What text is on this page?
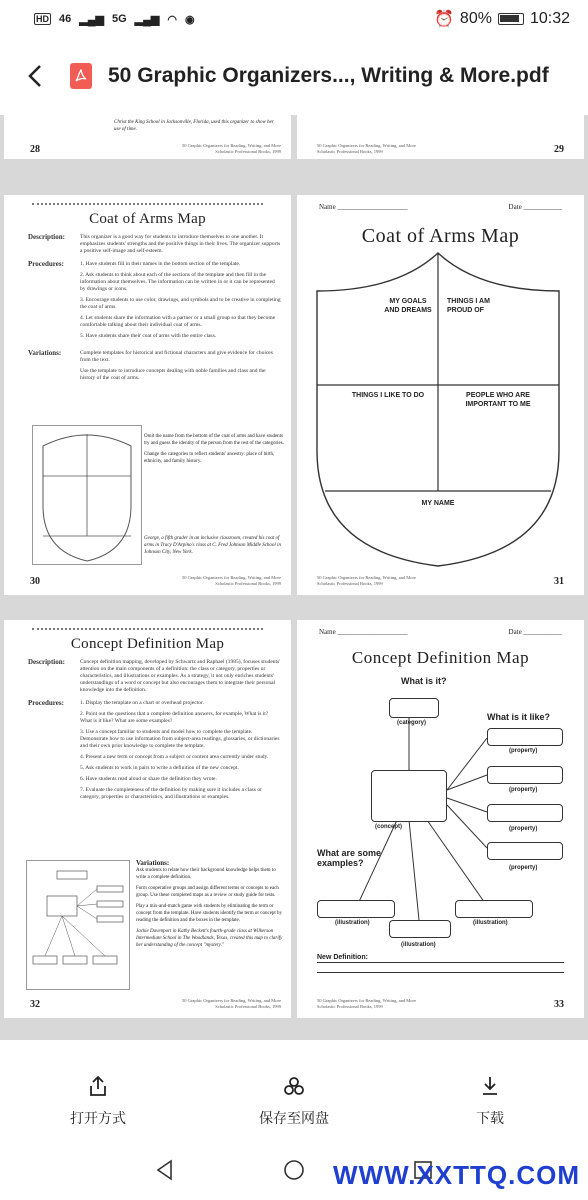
HD 46 ▂▄▆ 5G ▂▄▆ ◠ ◉	⏰ 80% 10:32
50 Graphic Organizers..., Writing & More.pdf
Christ the King School in Jacksonville, Florida, used this organizer to show her use of time.
28	50 Graphic Organizers for Reading, Writing, and More
Scholastic Professional Books, 1999
50 Graphic Organizers for Reading, Writing, and More
Scholastic Professional Books, 1999	29
Coat of Arms Map
Description:	This organizer is a good way for students to introduce themselves to one another. It emphasizes students' strengths and the positive things in their lives. The organizer supports a positive self-image and self-esteem.
Procedures:	1. Have students fill in their names in the bottom section of the template.
2. Ask students to think about each of the sections of the template and then fill in the information about themselves. The information can be written in or it can be represented by drawings or icons.
3. Encourage students to use color, drawings, and symbols and to be creative in completing the coat of arms.
4. Let students share the information with a partner or a small group so that they become comfortable talking about their individual coat of arms.
5. Have students share their coat of arms with the entire class.
Variations:	Complete templates for historical and fictional characters and give evidence for choices from the text.
Use the template to introduce concepts dealing with noble families and class and the history of the coat of arms.
Omit the name from the bottom of the coat of arms and have students try and guess the identity of the person from the rest of the categories.
Change the categories to reflect students' ancestry: place of birth, ethnicity, and family history.
George, a fifth grader in an inclusive classroom, created his coat of arms in Tracy D'Arpino's class at C. Fred Johnson Middle School in Johnson City, New York.
30	50 Graphic Organizers for Reading, Writing, and More
Scholastic Professional Books, 1999
Name ____________________	Date ___________
Coat of Arms Map
MY GOALS AND DREAMS
THINGS I AM PROUD OF
THINGS I LIKE TO DO	PEOPLE WHO ARE IMPORTANT TO ME
MY NAME
50 Graphic Organizers for Reading, Writing, and More
Scholastic Professional Books, 1999	31
Concept Definition Map
Description:	Concept definition mapping, developed by Schwartz and Raphael (1985), focuses students' attention on the main components of a definition: the class or category, properties or characteristics, and illustrations or examples. As a strategy, it not only enriches students' understandings of a word or concept but also encourages them to integrate their personal knowledge into the definition.
Procedures:	1. Display the template on a chart or overhead projector.
2. Point out the questions that a complete definition answers, for example, What is it? What is it like? What are some examples?
3. Use a concept familiar to students and model how to complete the template. Demonstrate how to use information from subject-area readings, glossaries, or dictionaries and their own prior knowledge to complete the template.
4. Present a new term or concept from a subject or content area currently under study.
5. Ask students to work in pairs to write a definition of the new concept.
6. Have students read aloud or share the definition they wrote.
7. Evaluate the completeness of the definition by making sure it includes a class or category, properties or characteristics, and illustrations or examples.
Variations:
Ask students to relate how their background knowledge helps them to write a complete definition.
Form cooperative groups and assign different terms or concepts to each group. Use these completed maps as a review or study guide for tests.
Play a mix-and-match game with students by eliminating the term or concept from the template. Have students identify the term or concept by reading the definition and the boxes in the template.
Jackie Davenport in Kathy Beckett's fourth-grade class at Wilkerson Intermediate School in The Woodlands, Texas, created this map to clarify her understanding of the concept "mystery."
32	50 Graphic Organizers for Reading, Writing, and More
Scholastic Professional Books, 1999
Name ____________________	Date ___________
Concept Definition Map
What is it?
What is it like?
What are some examples?
(category)
(concept)
(property)
(property)
(property)
(property)
(illustration)	(illustration)
(illustration)
New Definition:
50 Graphic Organizers for Reading, Writing, and More
Scholastic Professional Books, 1999	33
打开方式	保存至网盘	下载
WWW.XXTTQ.COM
